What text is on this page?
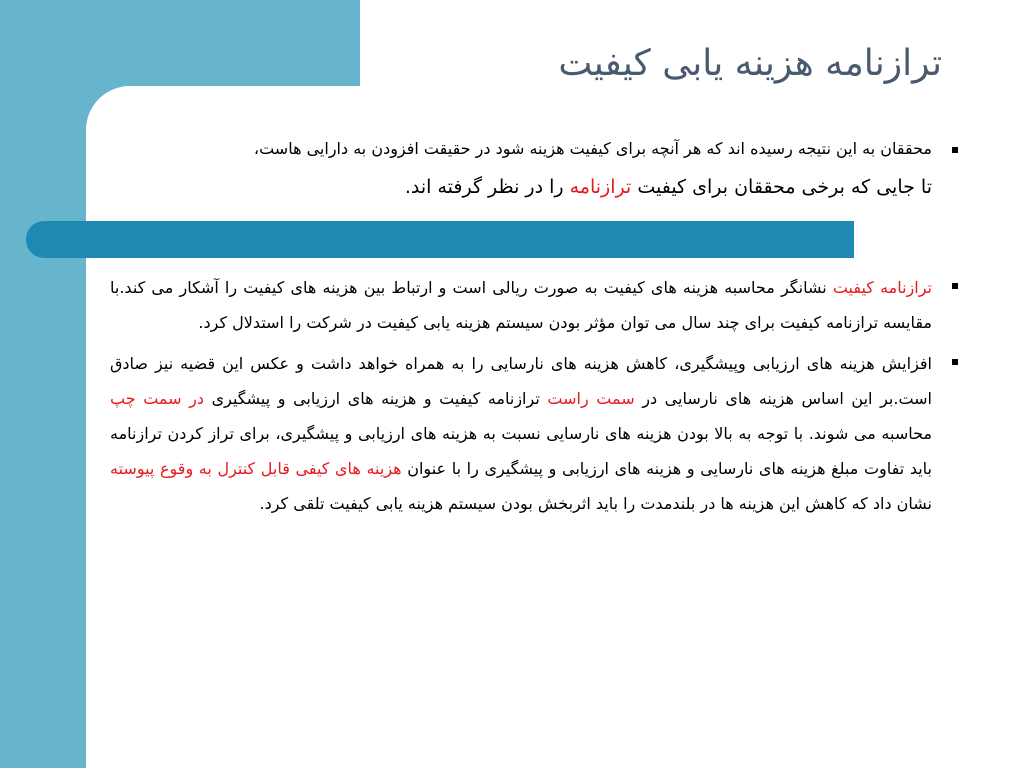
ترازنامه هزینه یابی کیفیت
محققان به این نتیجه رسیده اند که هر آنچه برای کیفیت هزینه شود در حقیقت افزودن به دارایی هاست،
تا جایی که برخی محققان برای کیفیت ترازنامه را در نظر گرفته اند.
ترازنامه کیفیت نشانگر محاسبه هزینه های کیفیت به صورت ریالی است و ارتباط بین هزینه های کیفیت را آشکار می کند.با مقایسه ترازنامه کیفیت برای چند سال می توان مؤثر بودن سیستم هزینه یابی کیفیت در شرکت را استدلال کرد.
افزایش هزینه های ارزیابی وپیشگیری، کاهش هزینه های نارسایی را به همراه خواهد داشت و عکس این قضیه نیز صادق است.بر این اساس هزینه های نارسایی در سمت راست ترازنامه کیفیت و هزینه های ارزیابی و پیشگیری در سمت چپ محاسبه می شوند. با توجه به بالا بودن هزینه های نارسایی نسبت به هزینه های ارزیابی و پیشگیری، برای تراز کردن ترازنامه باید تفاوت مبلغ هزینه های نارسایی و هزینه های ارزیابی و پیشگیری را با عنوان هزینه های کیفی قابل کنترل به وقوع پیوسته نشان داد که کاهش این هزینه ها در بلندمدت را باید اثربخش بودن سیستم هزینه یابی کیفیت تلقی کرد.
